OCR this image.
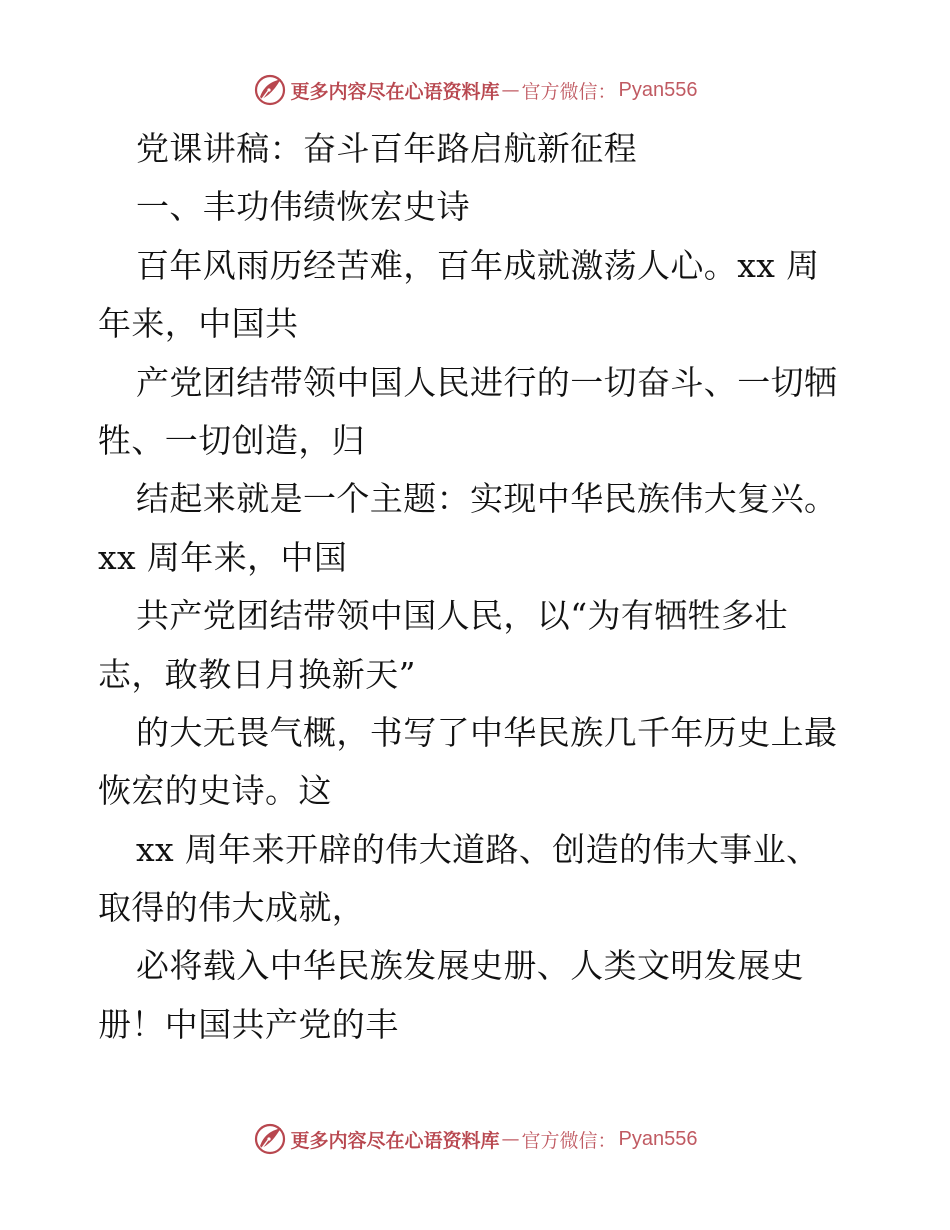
更多内容尽在心语资料库 — 官方微信： Pyan556
党课讲稿：奋斗百年路启航新征程
一、丰功伟绩恢宏史诗
百年风雨历经苦难，百年成就激荡人心。xx 周
年来，中国共
产党团结带领中国人民进行的一切奋斗、一切牺
牲、一切创造，归
结起来就是一个主题：实现中华民族伟大复兴。
xx 周年来，中国
共产党团结带领中国人民，以“为有牺牲多壮
志，敢教日月换新天”
的大无畏气概，书写了中华民族几千年历史上最
恢宏的史诗。这
xx 周年来开辟的伟大道路、创造的伟大事业、
取得的伟大成就，
必将载入中华民族发展史册、人类文明发展史
册！中国共产党的丰
更多内容尽在心语资料库 — 官方微信： Pyan556
